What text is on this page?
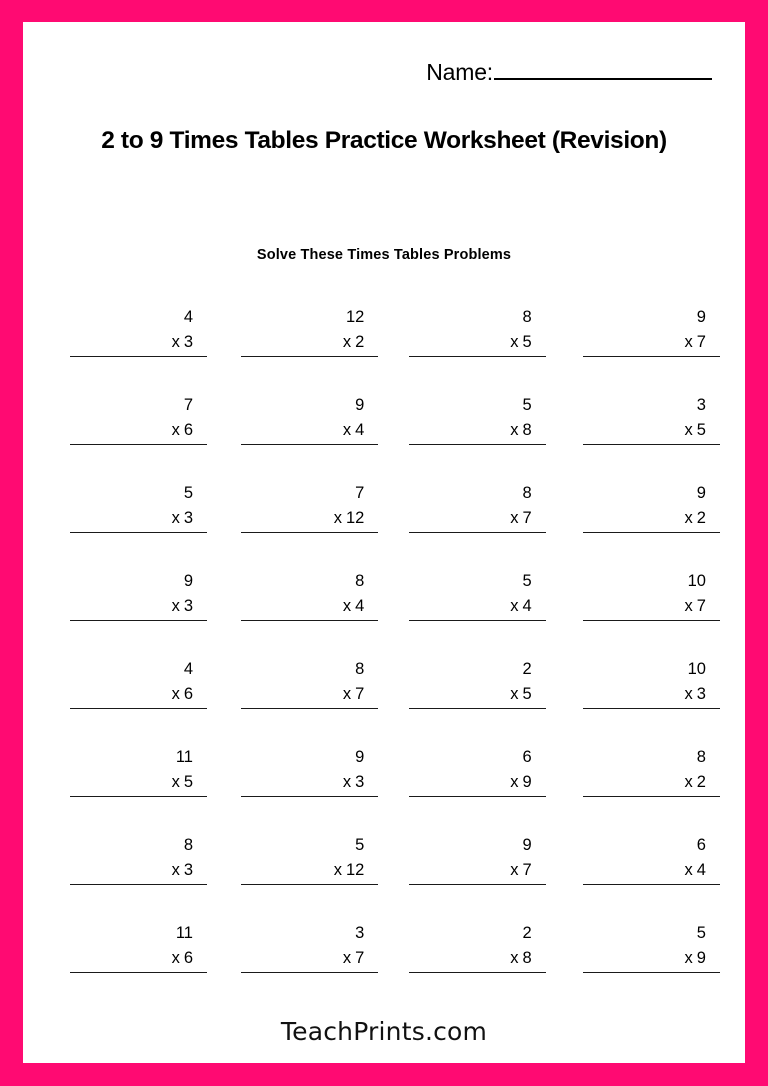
Name:
2 to 9 Times Tables Practice Worksheet (Revision)
Solve These Times Tables Problems
4
x 3
12
x 2
8
x 5
9
x 7
7
x 6
9
x 4
5
x 8
3
x 5
5
x 3
7
x 12
8
x 7
9
x 2
9
x 3
8
x 4
5
x 4
10
x 7
4
x 6
8
x 7
2
x 5
10
x 3
11
x 5
9
x 3
6
x 9
8
x 2
8
x 3
5
x 12
9
x 7
6
x 4
11
x 6
3
x 7
2
x 8
5
x 9
TeachPrints.com
